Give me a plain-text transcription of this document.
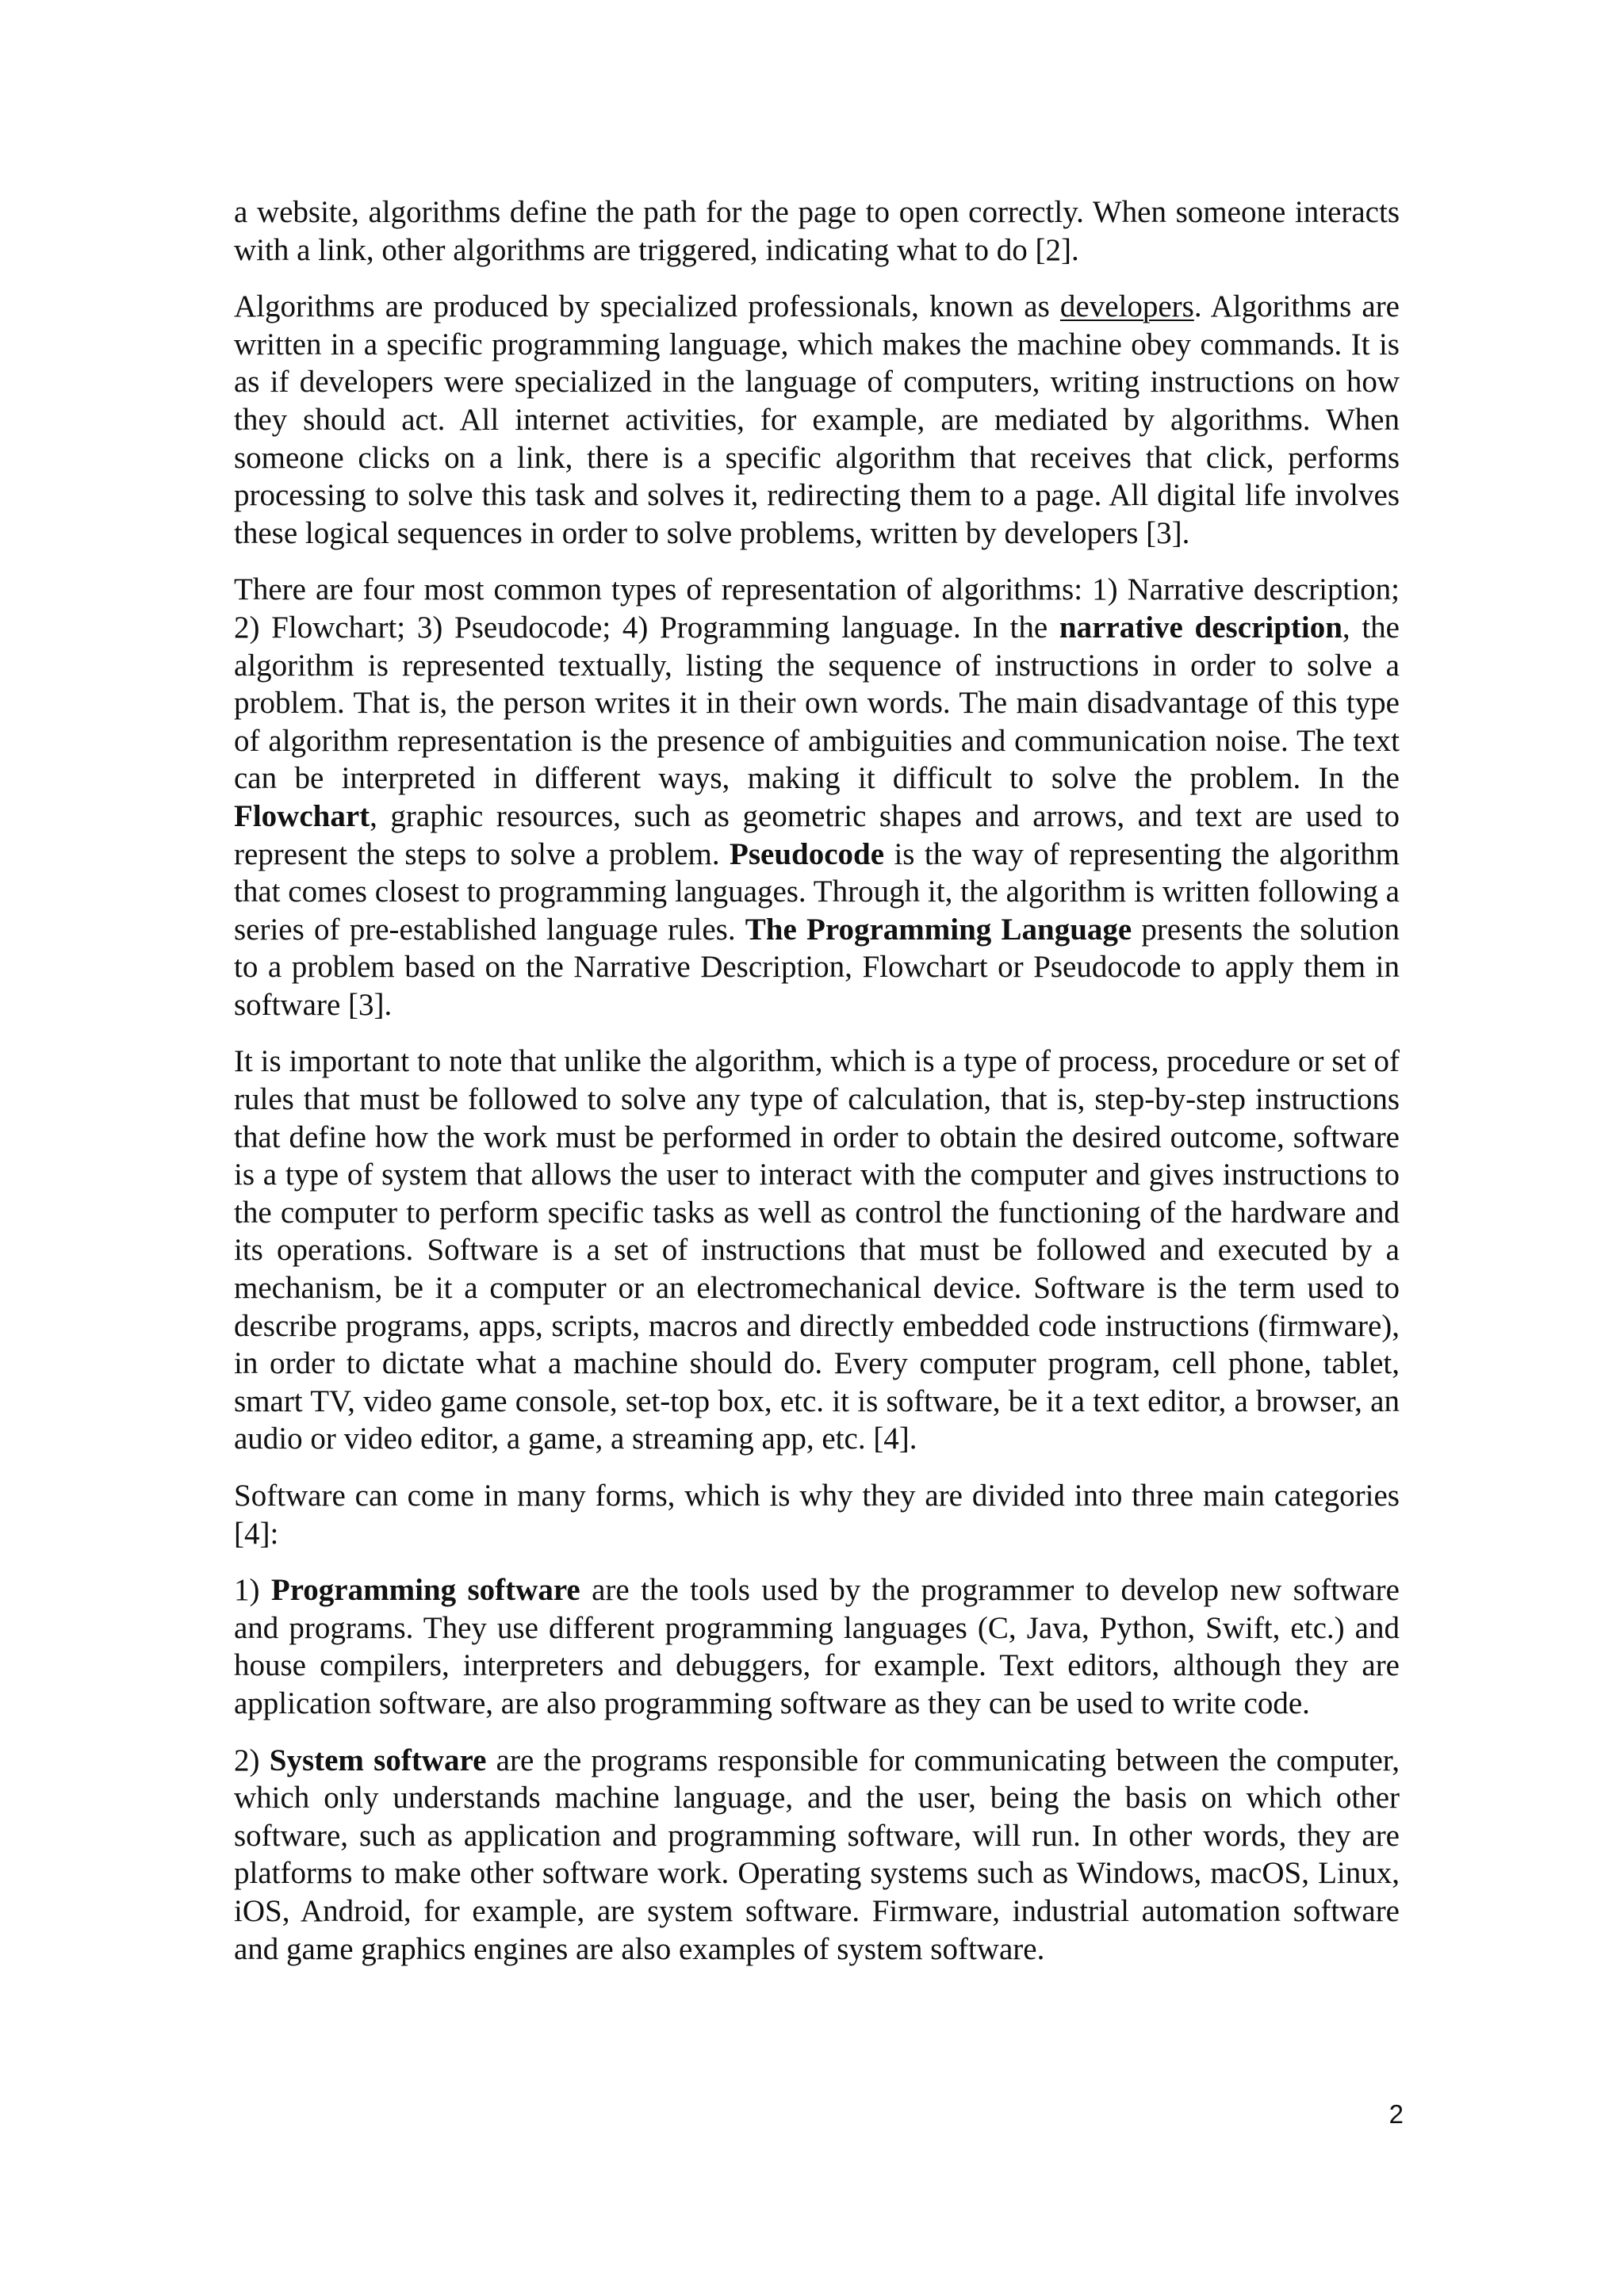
a website, algorithms define the path for the page to open correctly. When someone interacts with a link, other algorithms are triggered, indicating what to do [2].

Algorithms are produced by specialized professionals, known as developers. Algorithms are written in a specific programming language, which makes the machine obey commands. It is as if developers were specialized in the language of computers, writing instructions on how they should act. All internet activities, for example, are mediated by algorithms. When someone clicks on a link, there is a specific algorithm that receives that click, performs processing to solve this task and solves it, redirecting them to a page. All digital life involves these logical sequences in order to solve problems, written by developers [3].

There are four most common types of representation of algorithms: 1) Narrative description; 2) Flowchart; 3) Pseudocode; 4) Programming language. In the narrative description, the algorithm is represented textually, listing the sequence of instructions in order to solve a problem. That is, the person writes it in their own words. The main disadvantage of this type of algorithm representation is the presence of ambiguities and communication noise. The text can be interpreted in different ways, making it difficult to solve the problem. In the Flowchart, graphic resources, such as geometric shapes and arrows, and text are used to represent the steps to solve a problem. Pseudocode is the way of representing the algorithm that comes closest to programming languages. Through it, the algorithm is written following a series of pre-established language rules. The Programming Language presents the solution to a problem based on the Narrative Description, Flowchart or Pseudocode to apply them in software [3].

It is important to note that unlike the algorithm, which is a type of process, procedure or set of rules that must be followed to solve any type of calculation, that is, step-by-step instructions that define how the work must be performed in order to obtain the desired outcome, software is a type of system that allows the user to interact with the computer and gives instructions to the computer to perform specific tasks as well as control the functioning of the hardware and its operations. Software is a set of instructions that must be followed and executed by a mechanism, be it a computer or an electromechanical device. Software is the term used to describe programs, apps, scripts, macros and directly embedded code instructions (firmware), in order to dictate what a machine should do. Every computer program, cell phone, tablet, smart TV, video game console, set-top box, etc. it is software, be it a text editor, a browser, an audio or video editor, a game, a streaming app, etc. [4].

Software can come in many forms, which is why they are divided into three main categories [4]:

1) Programming software are the tools used by the programmer to develop new software and programs. They use different programming languages (C, Java, Python, Swift, etc.) and house compilers, interpreters and debuggers, for example. Text editors, although they are application software, are also programming software as they can be used to write code.

2) System software are the programs responsible for communicating between the computer, which only understands machine language, and the user, being the basis on which other software, such as application and programming software, will run. In other words, they are platforms to make other software work. Operating systems such as Windows, macOS, Linux, iOS, Android, for example, are system software. Firmware, industrial automation software and game graphics engines are also examples of system software.

2
